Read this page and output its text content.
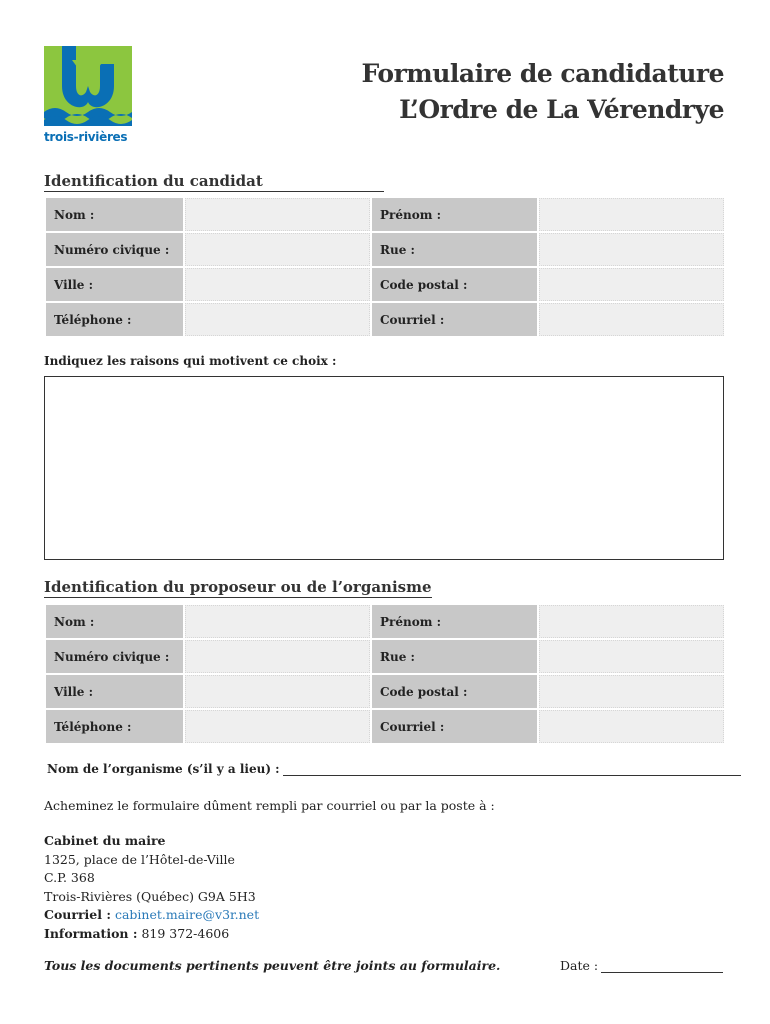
trois-rivières
Formulaire de candidature
L’Ordre de La Vérendrye
Identification du candidat
Nom :		Prénom :	
Numéro civique :		Rue :	
Ville :		Code postal :	
Téléphone :		Courriel :	
Indiquez les raisons qui motivent ce choix :
Identification du proposeur ou de l’organisme
Nom :		Prénom :	
Numéro civique :		Rue :	
Ville :		Code postal :	
Téléphone :		Courriel :	
Nom de l’organisme (s’il y a lieu) :
Acheminez le formulaire dûment rempli par courriel ou par la poste à :
Cabinet du maire
1325, place de l’Hôtel-de-Ville
C.P. 368
Trois-Rivières (Québec) G9A 5H3
Courriel : cabinet.maire@v3r.net
Information : 819 372-4606
Tous les documents pertinents peuvent être joints au formulaire.	Date :
